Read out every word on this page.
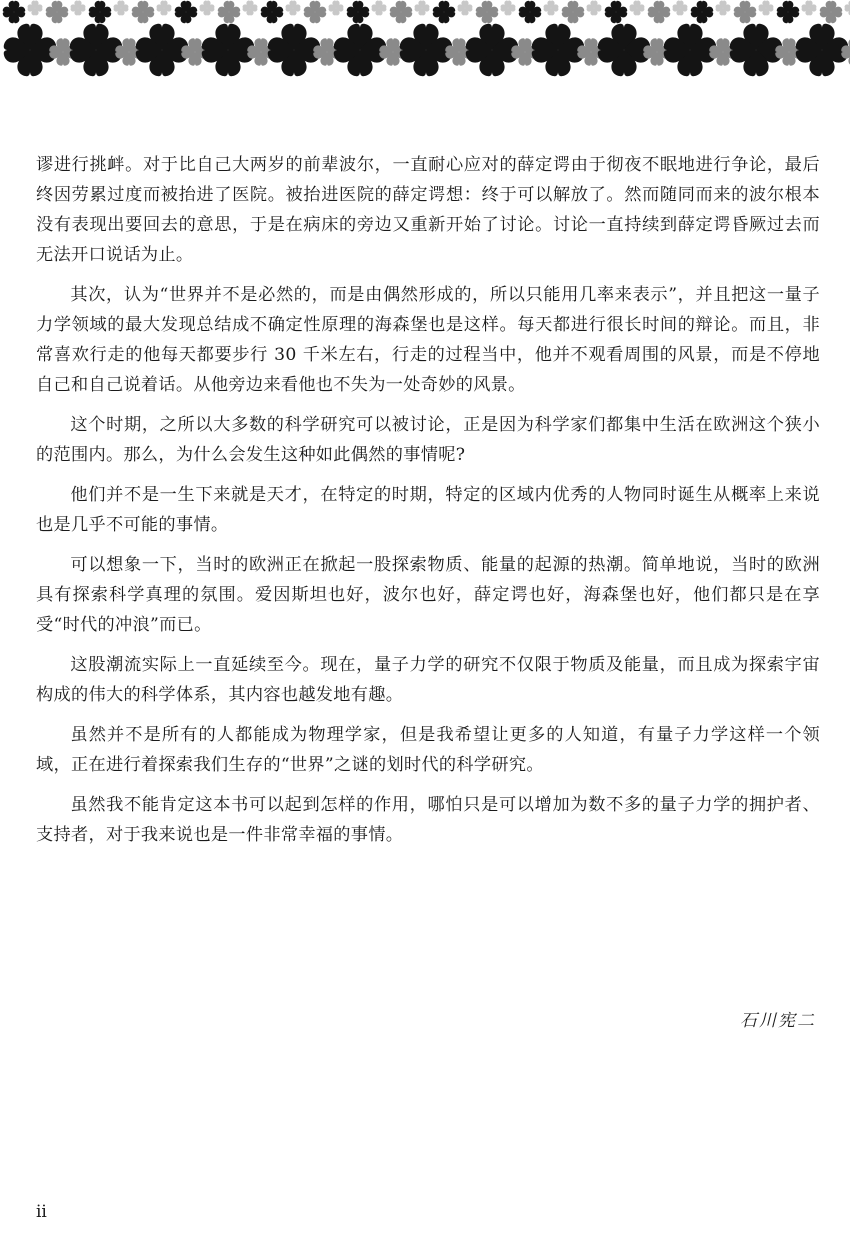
谬进行挑衅。对于比自己大两岁的前辈波尔，一直耐心应对的薛定谔由于彻夜不眠地进行争论，最后终因劳累过度而被抬进了医院。被抬进医院的薛定谔想：终于可以解放了。然而随同而来的波尔根本没有表现出要回去的意思，于是在病床的旁边又重新开始了讨论。讨论一直持续到薛定谔昏厥过去而无法开口说话为止。

其次，认为“世界并不是必然的，而是由偶然形成的，所以只能用几率来表示”，并且把这一量子力学领域的最大发现总结成不确定性原理的海森堡也是这样。每天都进行很长时间的辩论。而且，非常喜欢行走的他每天都要步行 30 千米左右，行走的过程当中，他并不观看周围的风景，而是不停地自己和自己说着话。从他旁边来看他也不失为一处奇妙的风景。

这个时期，之所以大多数的科学研究可以被讨论，正是因为科学家们都集中生活在欧洲这个狭小的范围内。那么，为什么会发生这种如此偶然的事情呢?

他们并不是一生下来就是天才，在特定的时期，特定的区域内优秀的人物同时诞生从概率上来说也是几乎不可能的事情。

可以想象一下，当时的欧洲正在掀起一股探索物质、能量的起源的热潮。简单地说，当时的欧洲具有探索科学真理的氛围。爱因斯坦也好，波尔也好，薛定谔也好，海森堡也好，他们都只是在享受“时代的冲浪”而已。

这股潮流实际上一直延续至今。现在，量子力学的研究不仅限于物质及能量，而且成为探索宇宙构成的伟大的科学体系，其内容也越发地有趣。

虽然并不是所有的人都能成为物理学家，但是我希望让更多的人知道，有量子力学这样一个领域，正在进行着探索我们生存的“世界”之谜的划时代的科学研究。

虽然我不能肯定这本书可以起到怎样的作用，哪怕只是可以增加为数不多的量子力学的拥护者、支持者，对于我来说也是一件非常幸福的事情。

石川宪二
ii
